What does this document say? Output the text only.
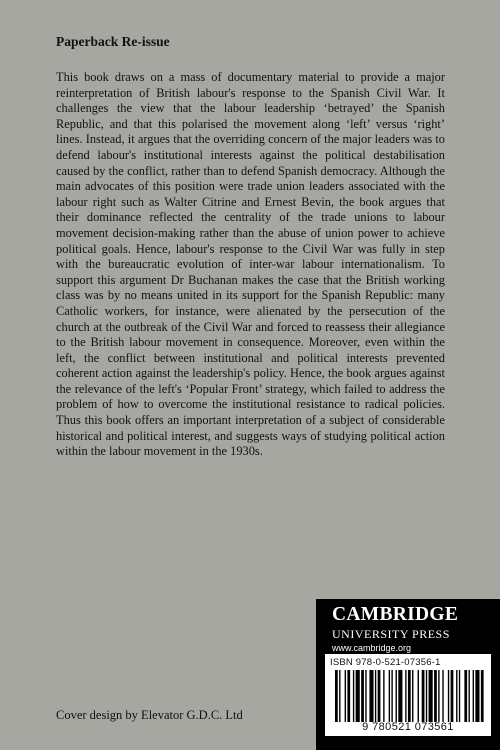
Paperback Re-issue

This book draws on a mass of documentary material to provide a major reinterpretation of British labour's response to the Spanish Civil War. It challenges the view that the labour leadership ‘betrayed’ the Spanish Republic, and that this polarised the movement along ‘left’ versus ‘right’ lines. Instead, it argues that the overriding concern of the major leaders was to defend labour's institutional interests against the political destabilisation caused by the conflict, rather than to defend Spanish democracy. Although the main advocates of this position were trade union leaders associated with the labour right such as Walter Citrine and Ernest Bevin, the book argues that their dominance reflected the centrality of the trade unions to labour movement decision-making rather than the abuse of union power to achieve political goals. Hence, labour's response to the Civil War was fully in step with the bureaucratic evolution of inter-war labour internationalism. To support this argument Dr Buchanan makes the case that the British working class was by no means united in its support for the Spanish Republic: many Catholic workers, for instance, were alienated by the persecution of the church at the outbreak of the Civil War and forced to reassess their allegiance to the British labour movement in consequence. Moreover, even within the left, the conflict between institutional and political interests prevented coherent action against the leadership's policy. Hence, the book argues against the relevance of the left's ‘Popular Front’ strategy, which failed to address the problem of how to overcome the institutional resistance to radical policies. Thus this book offers an important interpretation of a subject of considerable historical and political interest, and suggests ways of studying political action within the labour movement in the 1930s.

CAMBRIDGE
UNIVERSITY PRESS
www.cambridge.org
ISBN 978-0-521-07356-1
9 780521 073561
Cover design by Elevator G.D.C. Ltd
